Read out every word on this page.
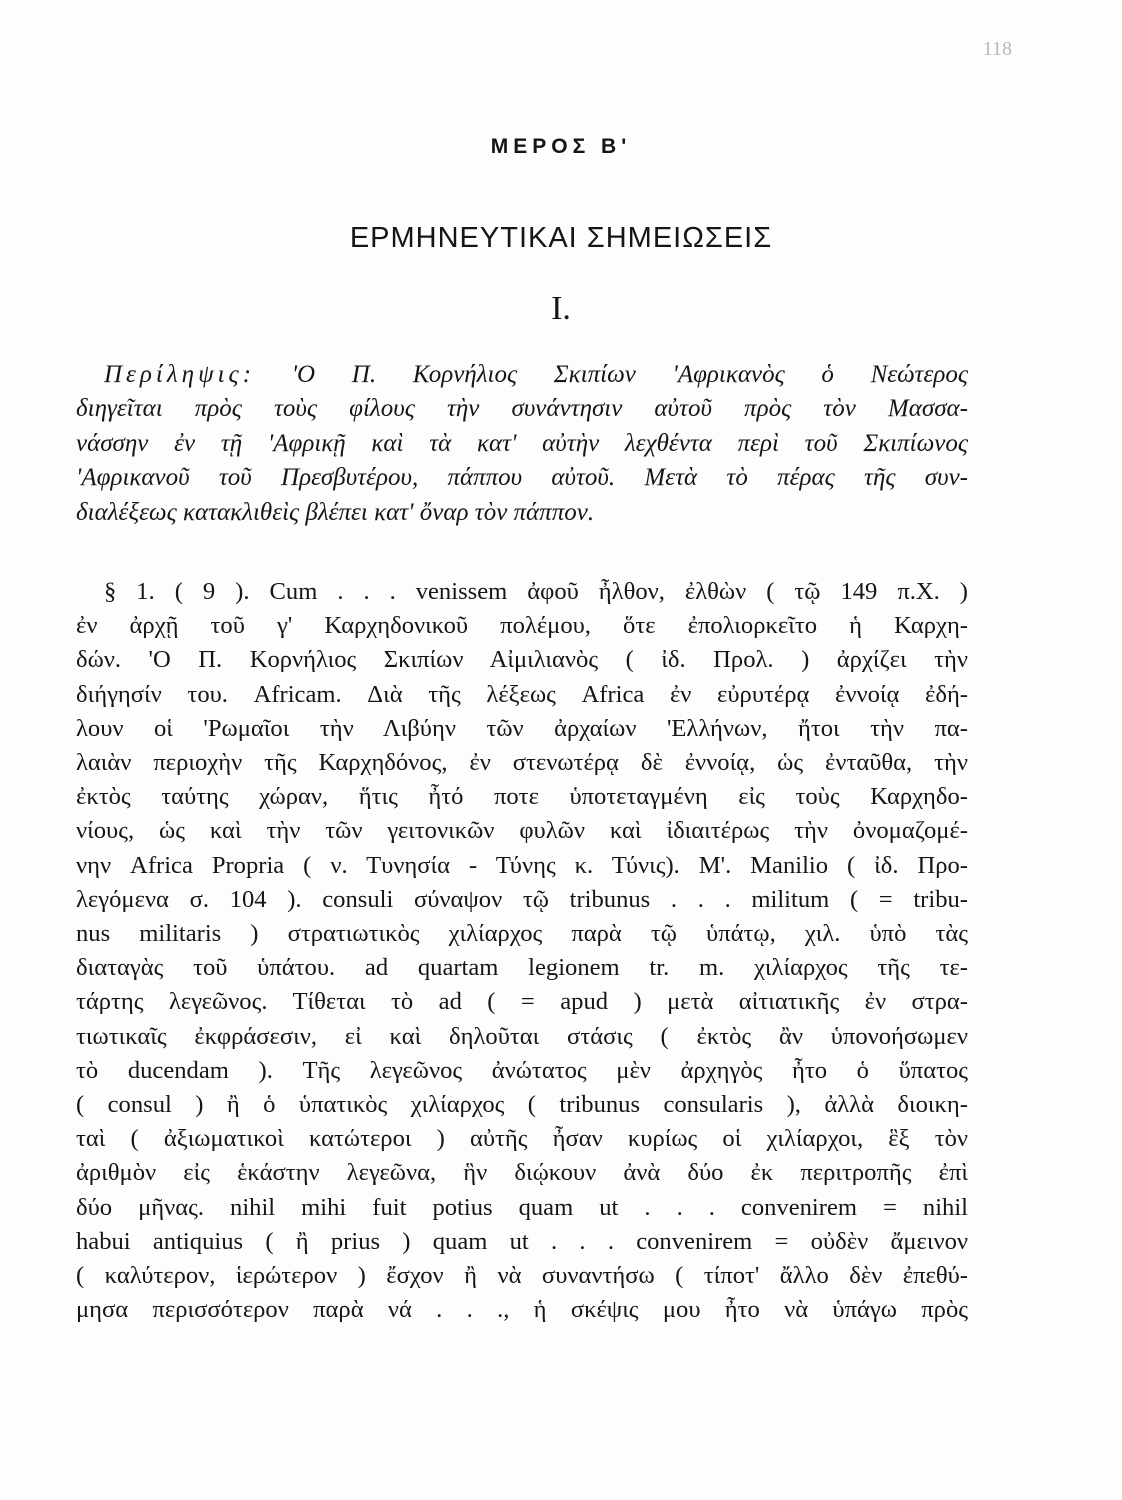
118
ΜΕΡΟΣ Β'
ΕΡΜΗΝΕΥΤΙΚΑΙ ΣΗΜΕΙΩΣΕΙΣ
I.

Περίληψις: 'Ο Π. Κορνήλιος Σκιπίων 'Αφρικανὸς ὁ Νεώτερος
διηγεῖται πρὸς τοὺς φίλους τὴν συνάντησιν αὐτοῦ πρὸς τὸν Μασσα-
νάσσην ἐν τῇ 'Αφρικῇ καὶ τὰ κατ' αὐτὴν λεχθέντα περὶ τοῦ Σκιπίωνος
'Αφρικανοῦ τοῦ Πρεσβυτέρου, πάππου αὐτοῦ. Μετὰ τὸ πέρας τῆς συν-
διαλέξεως κατακλιθεὶς βλέπει κατ' ὄναρ τὸν πάππον.

§ 1. ( 9 ). Cum . . . venissem ἀφοῦ ἦλθον, ἐλθὼν ( τῷ 149 π.Χ. )
ἐν ἀρχῇ τοῦ γ' Καρχηδονικοῦ πολέμου, ὅτε ἐπολιορκεῖτο ἡ Καρχη-
δών. 'Ο Π. Κορνήλιος Σκιπίων Αἰμιλιανὸς ( ἰδ. Προλ. ) ἀρχίζει τὴν
διήγησίν του. Africam. Διὰ τῆς λέξεως Africa ἐν εὐρυτέρᾳ ἐννοίᾳ ἐδή-
λουν οἱ 'Ρωμαῖοι τὴν Λιβύην τῶν ἀρχαίων 'Ελλήνων, ἤτοι τὴν πα-
λαιὰν περιοχὴν τῆς Καρχηδόνος, ἐν στενωτέρᾳ δὲ ἐννοίᾳ, ὡς ἐνταῦθα, τὴν
ἐκτὸς ταύτης χώραν, ἥτις ἦτό ποτε ὑποτεταγμένη εἰς τοὺς Καρχηδο-
νίους, ὡς καὶ τὴν τῶν γειτονικῶν φυλῶν καὶ ἰδιαιτέρως τὴν ὀνομαζομέ-
νην Africa Propria ( ν. Τυνησία - Τύνης κ. Τύνις). M'. Manilio ( ἰδ. Προ-
λεγόμενα σ. 104 ). consuli σύναψον τῷ tribunus . . . militum ( = tribu-
nus militaris ) στρατιωτικὸς χιλίαρχος παρὰ τῷ ὑπάτῳ, χιλ. ὑπὸ τὰς
διαταγὰς τοῦ ὑπάτου. ad quartam legionem tr. m. χιλίαρχος τῆς τε-
τάρτης λεγεῶνος. Τίθεται τὸ ad ( = apud ) μετὰ αἰτιατικῆς ἐν στρα-
τιωτικαῖς ἐκφράσεσιν, εἰ καὶ δηλοῦται στάσις ( ἐκτὸς ἂν ὑπονοήσωμεν
τὸ ducendam ). Τῆς λεγεῶνος ἀνώτατος μὲν ἀρχηγὸς ἦτο ὁ ὕπατος
( consul ) ἢ ὁ ὑπατικὸς χιλίαρχος ( tribunus consularis ), ἀλλὰ διοικη-
ταὶ ( ἀξιωματικοὶ κατώτεροι ) αὐτῆς ἦσαν κυρίως οἱ χιλίαρχοι, ἓξ τὸν
ἀριθμὸν εἰς ἑκάστην λεγεῶνα, ἣν διῴκουν ἀνὰ δύο ἐκ περιτροπῆς ἐπὶ
δύο μῆνας. nihil mihi fuit potius quam ut . . . convenirem = nihil
habui antiquius ( ἢ prius ) quam ut . . . convenirem = οὐδὲν ἄμεινον
( καλύτερον, ἱερώτερον ) ἔσχον ἢ νὰ συναντήσω ( τίποτ' ἄλλο δὲν ἐπεθύ-
μησα περισσότερον παρὰ νά . . ., ἡ σκέψις μου ἦτο νὰ ὑπάγω πρὸς
